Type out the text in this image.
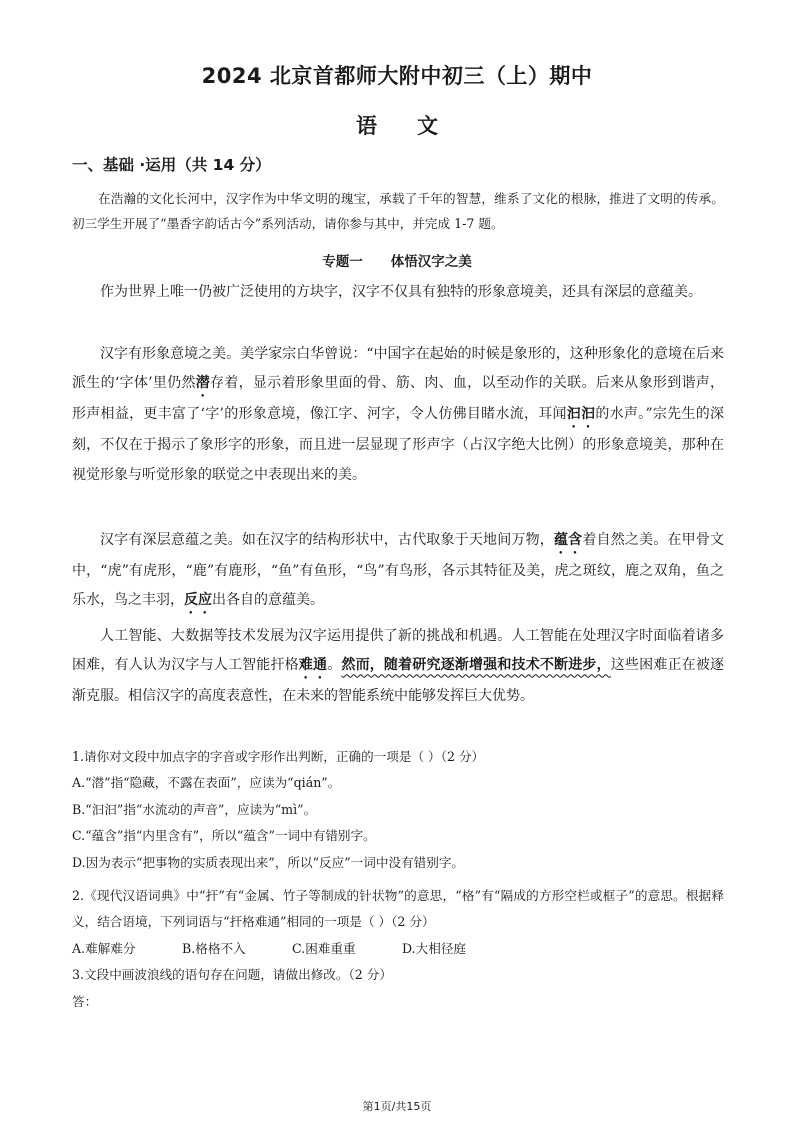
2024 北京首都师大附中初三（上）期中
语 文
一、基础 ·运用（共 14 分）
在浩瀚的文化长河中，汉字作为中华文明的瑰宝，承载了千年的智慧，维系了文化的根脉，推进了文明的传承。初三学生开展了“墨香字韵话古今”系列活动，请你参与其中，并完成 1-7 题。
专题一 体悟汉字之美

作为世界上唯一仍被广泛使用的方块字，汉字不仅具有独特的形象意境美，还具有深层的意蕴美。

汉字有形象意境之美。美学家宗白华曾说：“中国字在起始的时候是象形的，这种形象化的意境在后来派生的‘字体’里仍然潜存着，显示着形象里面的骨、筋、肉、血，以至动作的关联。后来从象形到谐声，形声相益，更丰富了‘字’的形象意境，像江字、河字，令人仿佛目睹水流，耳闻汩汩的水声。”宗先生的深刻，不仅在于揭示了象形字的形象，而且进一层显现了形声字（占汉字绝大比例）的形象意境美，那种在视觉形象与听觉形象的联觉之中表现出来的美。

汉字有深层意蕴之美。如在汉字的结构形状中，古代取象于天地间万物，蕴含着自然之美。在甲骨文中，“虎”有虎形，“鹿”有鹿形，“鱼”有鱼形，“鸟”有鸟形，各示其特征及美，虎之斑纹，鹿之双角，鱼之乐水，鸟之丰羽，反应出各自的意蕴美。

人工智能、大数据等技术发展为汉字运用提供了新的挑战和机遇。人工智能在处理汉字时面临着诸多困难，有人认为汉字与人工智能扞格难通。然而，随着研究逐渐增强和技术不断进步，这些困难正在被逐渐克服。相信汉字的高度表意性，在未来的智能系统中能够发挥巨大优势。

1.请你对文段中加点字的字音或字形作出判断，正确的一项是（ ）（2 分）
A.“潜”指“隐藏，不露在表面”，应读为“qián”。
B.“汩汩”指“水流动的声音”，应读为“mì”。
C.“蕴含”指“内里含有”，所以“蕴含”一词中有错别字。
D.因为表示“把事物的实质表现出来”，所以“反应”一词中没有错别字。
2.《现代汉语词典》中“扞”有“金属、竹子等制成的针状物”的意思，“格”有“隔成的方形空栏或框子”的意思。根据释义，结合语境，下列词语与“扞格难通”相同的一项是（ ）（2 分）
A.难解难分	B.格格不入	C.困难重重	D.大相径庭
3.文段中画波浪线的语句存在问题，请做出修改。（2 分）
答：
第1页/共15页
